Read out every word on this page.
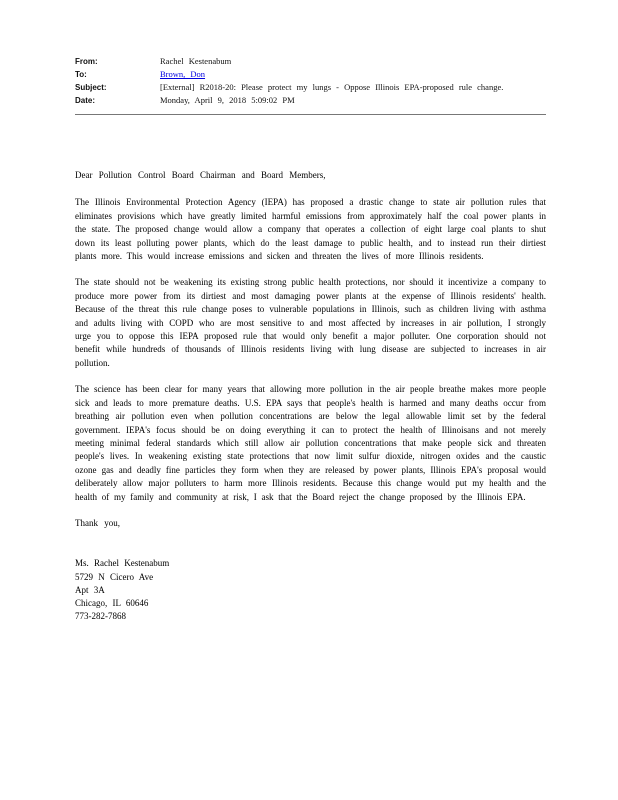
From:	Rachel Kestenabum
To:	Brown, Don
Subject:	[External] R2018-20: Please protect my lungs - Oppose Illinois EPA-proposed rule change.
Date:	Monday, April 9, 2018 5:09:02 PM
Dear Pollution Control Board Chairman and Board Members,

The Illinois Environmental Protection Agency (IEPA) has proposed a drastic change to state air pollution rules that eliminates provisions which have greatly limited harmful emissions from approximately half the coal power plants in the state. The proposed change would allow a company that operates a collection of eight large coal plants to shut down its least polluting power plants, which do the least damage to public health, and to instead run their dirtiest plants more. This would increase emissions and sicken and threaten the lives of more Illinois residents.

The state should not be weakening its existing strong public health protections, nor should it incentivize a company to produce more power from its dirtiest and most damaging power plants at the expense of Illinois residents' health. Because of the threat this rule change poses to vulnerable populations in Illinois, such as children living with asthma and adults living with COPD who are most sensitive to and most affected by increases in air pollution, I strongly urge you to oppose this IEPA proposed rule that would only benefit a major polluter. One corporation should not benefit while hundreds of thousands of Illinois residents living with lung disease are subjected to increases in air pollution.

The science has been clear for many years that allowing more pollution in the air people breathe makes more people sick and leads to more premature deaths. U.S. EPA says that people's health is harmed and many deaths occur from breathing air pollution even when pollution concentrations are below the legal allowable limit set by the federal government. IEPA's focus should be on doing everything it can to protect the health of Illinoisans and not merely meeting minimal federal standards which still allow air pollution concentrations that make people sick and threaten people's lives. In weakening existing state protections that now limit sulfur dioxide, nitrogen oxides and the caustic ozone gas and deadly fine particles they form when they are released by power plants, Illinois EPA's proposal would deliberately allow major polluters to harm more Illinois residents. Because this change would put my health and the health of my family and community at risk, I ask that the Board reject the change proposed by the Illinois EPA.

Thank you,
Ms. Rachel Kestenabum
5729 N Cicero Ave
Apt 3A
Chicago, IL 60646
773-282-7868
